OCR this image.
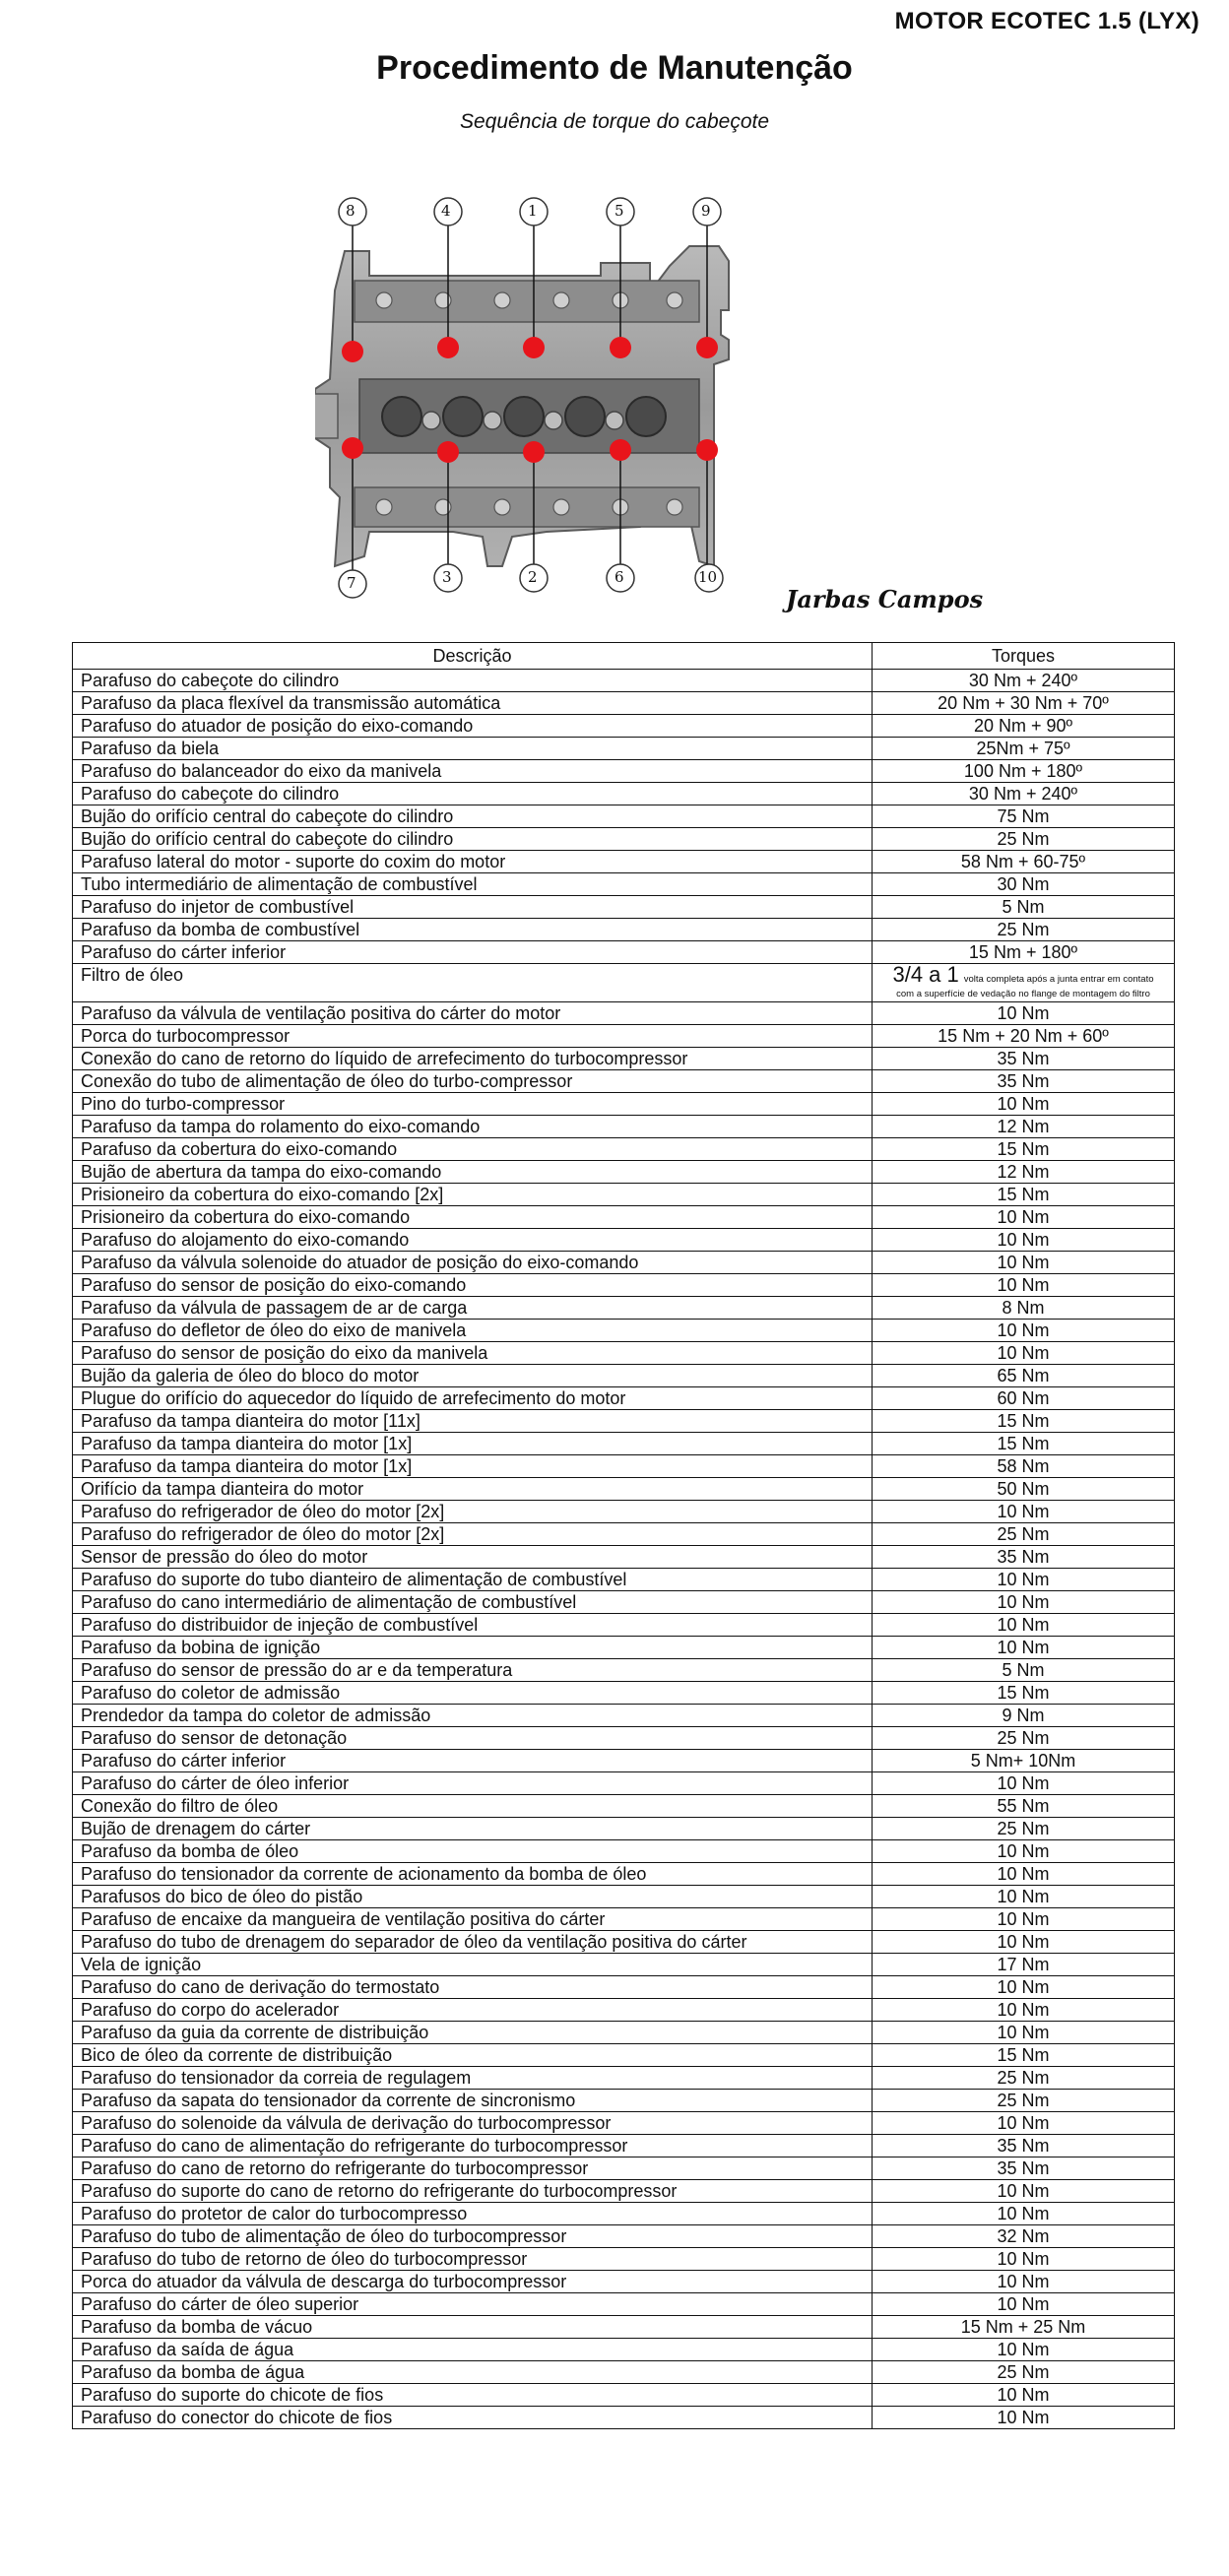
MOTOR ECOTEC 1.5 (LYX)
Procedimento de Manutenção
Sequência de torque do cabeçote
8	4	1	5	9
7	3	2	6	10
Jarbas Campos
Descrição	Torques
Parafuso do cabeçote do cilindro	30 Nm + 240º
Parafuso da placa flexível da transmissão automática	20 Nm + 30 Nm + 70º
Parafuso do atuador de posição do eixo-comando	20 Nm + 90º
Parafuso da biela	25Nm + 75º
Parafuso do balanceador do eixo da manivela	100 Nm + 180º
Parafuso do cabeçote do cilindro	30 Nm + 240º
Bujão do orifício central do cabeçote do cilindro	75 Nm
Bujão do orifício central do cabeçote do cilindro	25 Nm
Parafuso lateral do motor - suporte do coxim do motor	58 Nm + 60-75º
Tubo intermediário de alimentação de combustível	30 Nm
Parafuso do injetor de combustível	5 Nm
Parafuso da bomba de combustível	25 Nm
Parafuso do cárter inferior	15 Nm + 180º
Filtro de óleo	3/4 a 1 volta completa após a junta entrar em contato
com a superfície de vedação no flange de montagem do filtro

Parafuso da válvula de ventilação positiva do cárter do motor	10 Nm
Porca do turbocompressor	15 Nm + 20 Nm + 60º
Conexão do cano de retorno do líquido de arrefecimento do turbocompressor	35 Nm
Conexão do tubo de alimentação de óleo do turbo-compressor	35 Nm
Pino do turbo-compressor	10 Nm
Parafuso da tampa do rolamento do eixo-comando	12 Nm
Parafuso da cobertura do eixo-comando	15 Nm
Bujão de abertura da tampa do eixo-comando	12 Nm
Prisioneiro da cobertura do eixo-comando [2x]	15 Nm
Prisioneiro da cobertura do eixo-comando	10 Nm
Parafuso do alojamento do eixo-comando	10 Nm
Parafuso da válvula solenoide do atuador de posição do eixo-comando	10 Nm
Parafuso do sensor de posição do eixo-comando	10 Nm
Parafuso da válvula de passagem de ar de carga	8 Nm
Parafuso do defletor de óleo do eixo de manivela	10 Nm
Parafuso do sensor de posição do eixo da manivela	10 Nm
Bujão da galeria de óleo do bloco do motor	65 Nm
Plugue do orifício do aquecedor do líquido de arrefecimento do motor	60 Nm
Parafuso da tampa dianteira do motor [11x]	15 Nm
Parafuso da tampa dianteira do motor [1x]	15 Nm
Parafuso da tampa dianteira do motor [1x]	58 Nm
Orifício da tampa dianteira do motor	50 Nm
Parafuso do refrigerador de óleo do motor [2x]	10 Nm
Parafuso do refrigerador de óleo do motor [2x]	25 Nm
Sensor de pressão do óleo do motor	35 Nm
Parafuso do suporte do tubo dianteiro de alimentação de combustível	10 Nm
Parafuso do cano intermediário de alimentação de combustível	10 Nm
Parafuso do distribuidor de injeção de combustível	10 Nm
Parafuso da bobina de ignição	10 Nm
Parafuso do sensor de pressão do ar e da temperatura	5 Nm
Parafuso do coletor de admissão	15 Nm
Prendedor da tampa do coletor de admissão	9 Nm
Parafuso do sensor de detonação	25 Nm
Parafuso do cárter inferior	5 Nm+ 10Nm
Parafuso do cárter de óleo inferior	10 Nm
Conexão do filtro de óleo	55 Nm
Bujão de drenagem do cárter	25 Nm
Parafuso da bomba de óleo	10 Nm
Parafuso do tensionador da corrente de acionamento da bomba de óleo	10 Nm
Parafusos do bico de óleo do pistão	10 Nm
Parafuso de encaixe da mangueira de ventilação positiva do cárter	10 Nm
Parafuso do tubo de drenagem do separador de óleo da ventilação positiva do cárter	10 Nm
Vela de ignição	17 Nm
Parafuso do cano de derivação do termostato	10 Nm
Parafuso do corpo do acelerador	10 Nm
Parafuso da guia da corrente de distribuição	10 Nm
Bico de óleo da corrente de distribuição	15 Nm
Parafuso do tensionador da correia de regulagem	25 Nm
Parafuso da sapata do tensionador da corrente de sincronismo	25 Nm
Parafuso do solenoide da válvula de derivação do turbocompressor	10 Nm
Parafuso do cano de alimentação do refrigerante do turbocompressor	35 Nm
Parafuso do cano de retorno do refrigerante do turbocompressor	35 Nm
Parafuso do suporte do cano de retorno do refrigerante do turbocompressor	10 Nm
Parafuso do protetor de calor do turbocompresso	10 Nm
Parafuso do tubo de alimentação de óleo do turbocompressor	32 Nm
Parafuso do tubo de retorno de óleo do turbocompressor	10 Nm
Porca do atuador da válvula de descarga do turbocompressor	10 Nm
Parafuso do cárter de óleo superior	10 Nm
Parafuso da bomba de vácuo	15 Nm + 25 Nm
Parafuso da saída de água	10 Nm
Parafuso da bomba de água	25 Nm
Parafuso do suporte do chicote de fios	10 Nm
Parafuso do conector do chicote de fios	10 Nm
